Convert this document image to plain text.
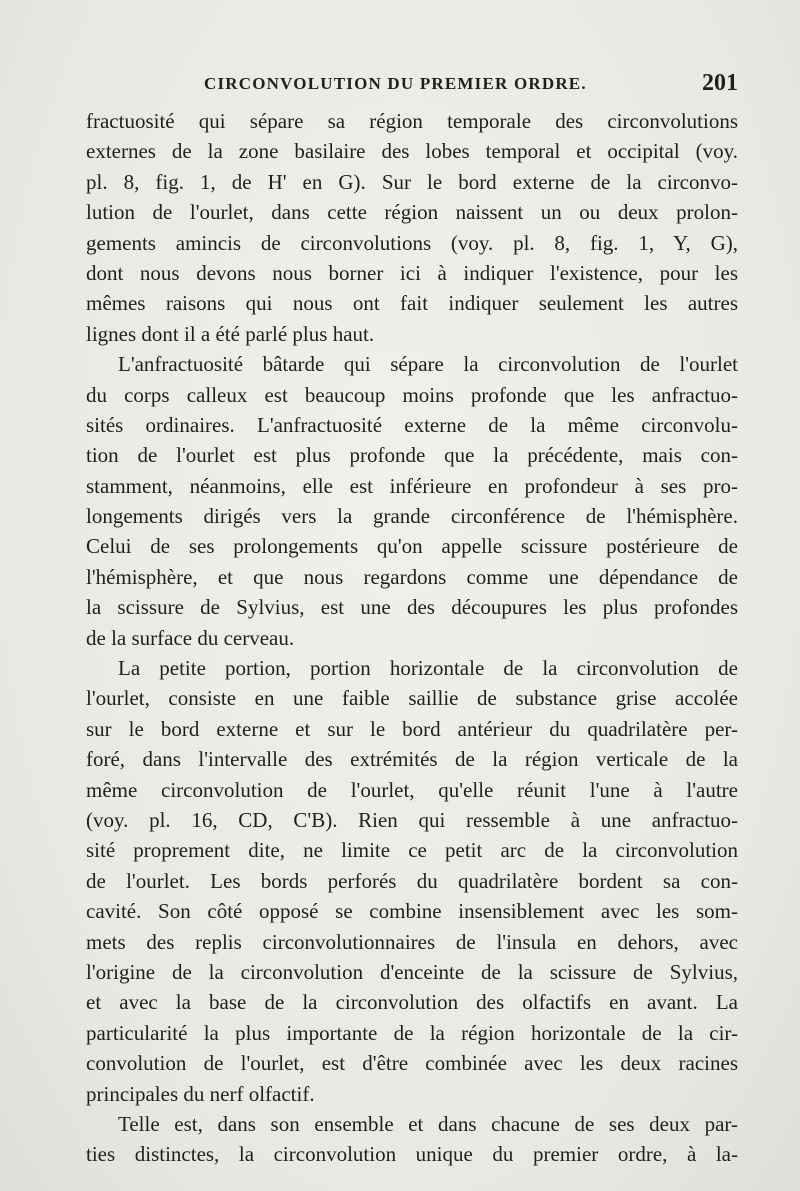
CIRCONVOLUTION DU PREMIER ORDRE.	201
fractuosité qui sépare sa région temporale des circonvolutions
externes de la zone basilaire des lobes temporal et occipital (voy.
pl. 8, fig. 1, de H' en G). Sur le bord externe de la circonvo-
lution de l'ourlet, dans cette région naissent un ou deux prolon-
gements amincis de circonvolutions (voy. pl. 8, fig. 1, Y, G),
dont nous devons nous borner ici à indiquer l'existence, pour les
mêmes raisons qui nous ont fait indiquer seulement les autres
lignes dont il a été parlé plus haut.
L'anfractuosité bâtarde qui sépare la circonvolution de l'ourlet
du corps calleux est beaucoup moins profonde que les anfractuo-
sités ordinaires. L'anfractuosité externe de la même circonvolu-
tion de l'ourlet est plus profonde que la précédente, mais con-
stamment, néanmoins, elle est inférieure en profondeur à ses pro-
longements dirigés vers la grande circonférence de l'hémisphère.
Celui de ses prolongements qu'on appelle scissure postérieure de
l'hémisphère, et que nous regardons comme une dépendance de
la scissure de Sylvius, est une des découpures les plus profondes
de la surface du cerveau.
La petite portion, portion horizontale de la circonvolution de
l'ourlet, consiste en une faible saillie de substance grise accolée
sur le bord externe et sur le bord antérieur du quadrilatère per-
foré, dans l'intervalle des extrémités de la région verticale de la
même circonvolution de l'ourlet, qu'elle réunit l'une à l'autre
(voy. pl. 16, CD, C'B). Rien qui ressemble à une anfractuo-
sité proprement dite, ne limite ce petit arc de la circonvolution
de l'ourlet. Les bords perforés du quadrilatère bordent sa con-
cavité. Son côté opposé se combine insensiblement avec les som-
mets des replis circonvolutionnaires de l'insula en dehors, avec
l'origine de la circonvolution d'enceinte de la scissure de Sylvius,
et avec la base de la circonvolution des olfactifs en avant. La
particularité la plus importante de la région horizontale de la cir-
convolution de l'ourlet, est d'être combinée avec les deux racines
principales du nerf olfactif.
Telle est, dans son ensemble et dans chacune de ses deux par-
ties distinctes, la circonvolution unique du premier ordre, à la-
